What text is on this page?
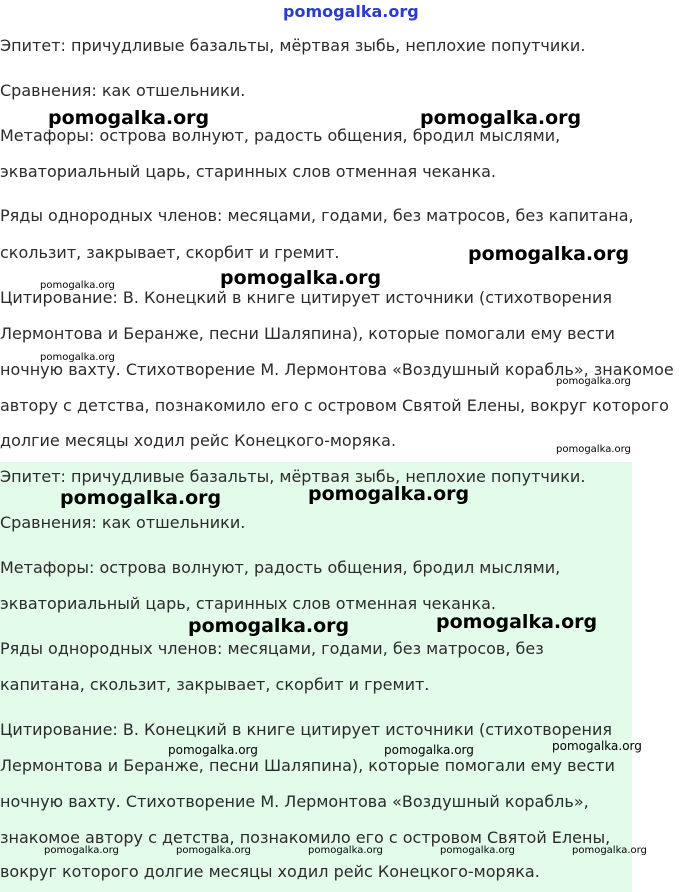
Эпитет: причудливые базальты, мёртвая зыбь, неплохие попутчики.
Сравнения: как отшельники.
Метафоры: острова волнуют, радость общения, бродил мыслями,
экваториальный царь, старинных слов отменная чеканка.
Ряды однородных членов: месяцами, годами, без матросов, без капитана,
скользит, закрывает, скорбит и гремит.
Цитирование: В. Конецкий в книге цитирует источники (стихотворения
Лермонтова и Беранже, песни Шаляпина), которые помогали ему вести
ночную вахту. Стихотворение М. Лермонтова «Воздушный корабль», знакомое
автору с детства, познакомило его с островом Святой Елены, вокруг которого
долгие месяцы ходил рейс Конецкого-моряка.
Эпитет: причудливые базальты, мёртвая зыбь, неплохие попутчики.
Сравнения: как отшельники.
Метафоры: острова волнуют, радость общения, бродил мыслями,
экваториальный царь, старинных слов отменная чеканка.
Ряды однородных членов: месяцами, годами, без матросов, без
капитана, скользит, закрывает, скорбит и гремит.
Цитирование: В. Конецкий в книге цитирует источники (стихотворения
Лермонтова и Беранже, песни Шаляпина), которые помогали ему вести
ночную вахту. Стихотворение М. Лермонтова «Воздушный корабль»,
знакомое автору с детства, познакомило его с островом Святой Елены,
вокруг которого долгие месяцы ходил рейс Конецкого-моряка.
pomogalka.org
pomogalka.org	pomogalka.org
pomogalka.org
pomogalka.org
pomogalka.org
pomogalka.org
pomogalka.org
pomogalka.org
pomogalka.org	pomogalka.org
pomogalka.org	pomogalka.org
pomogalka.org	pomogalka.org	pomogalka.org
pomogalka.org	pomogalka.org	pomogalka.org	pomogalka.org	pomogalka.org
